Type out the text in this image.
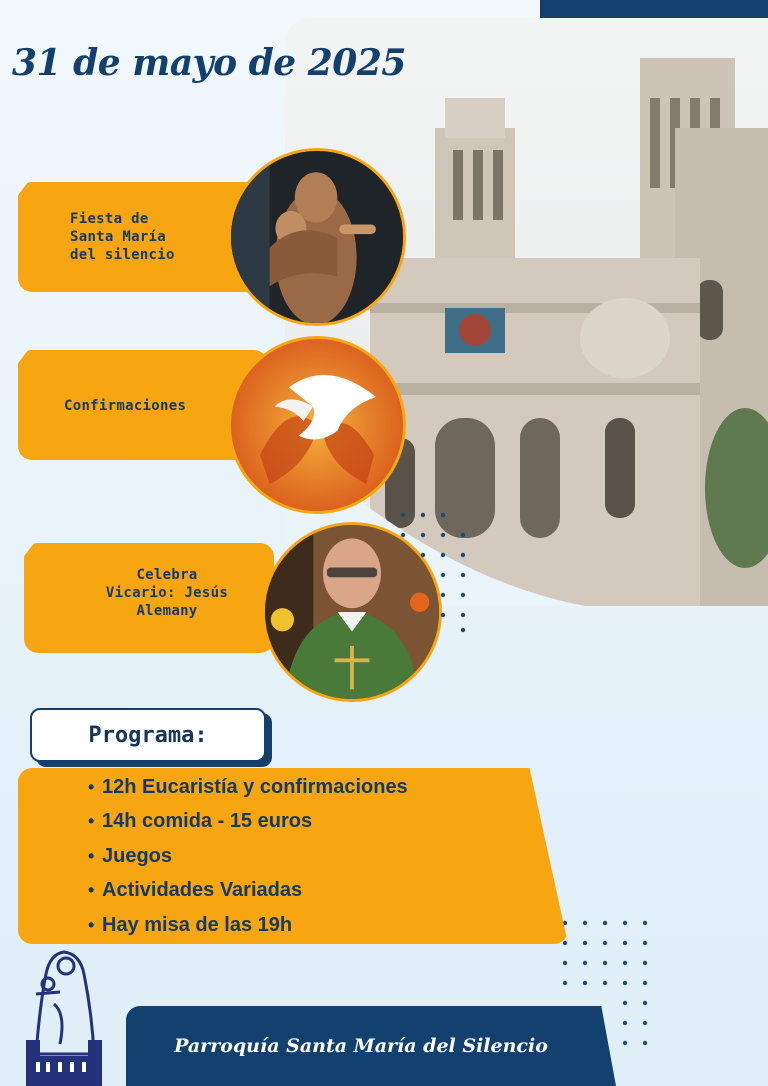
31 de mayo de 2025
Fiesta de
Santa María
del silencio
Confirmaciones
Celebra
Vicario: Jesús
Alemany
Programa:
• 12h Eucaristía y confirmaciones
• 14h comida - 15 euros
• Juegos
• Actividades Variadas
• Hay misa de las 19h
Parroquía Santa María del Silencio
